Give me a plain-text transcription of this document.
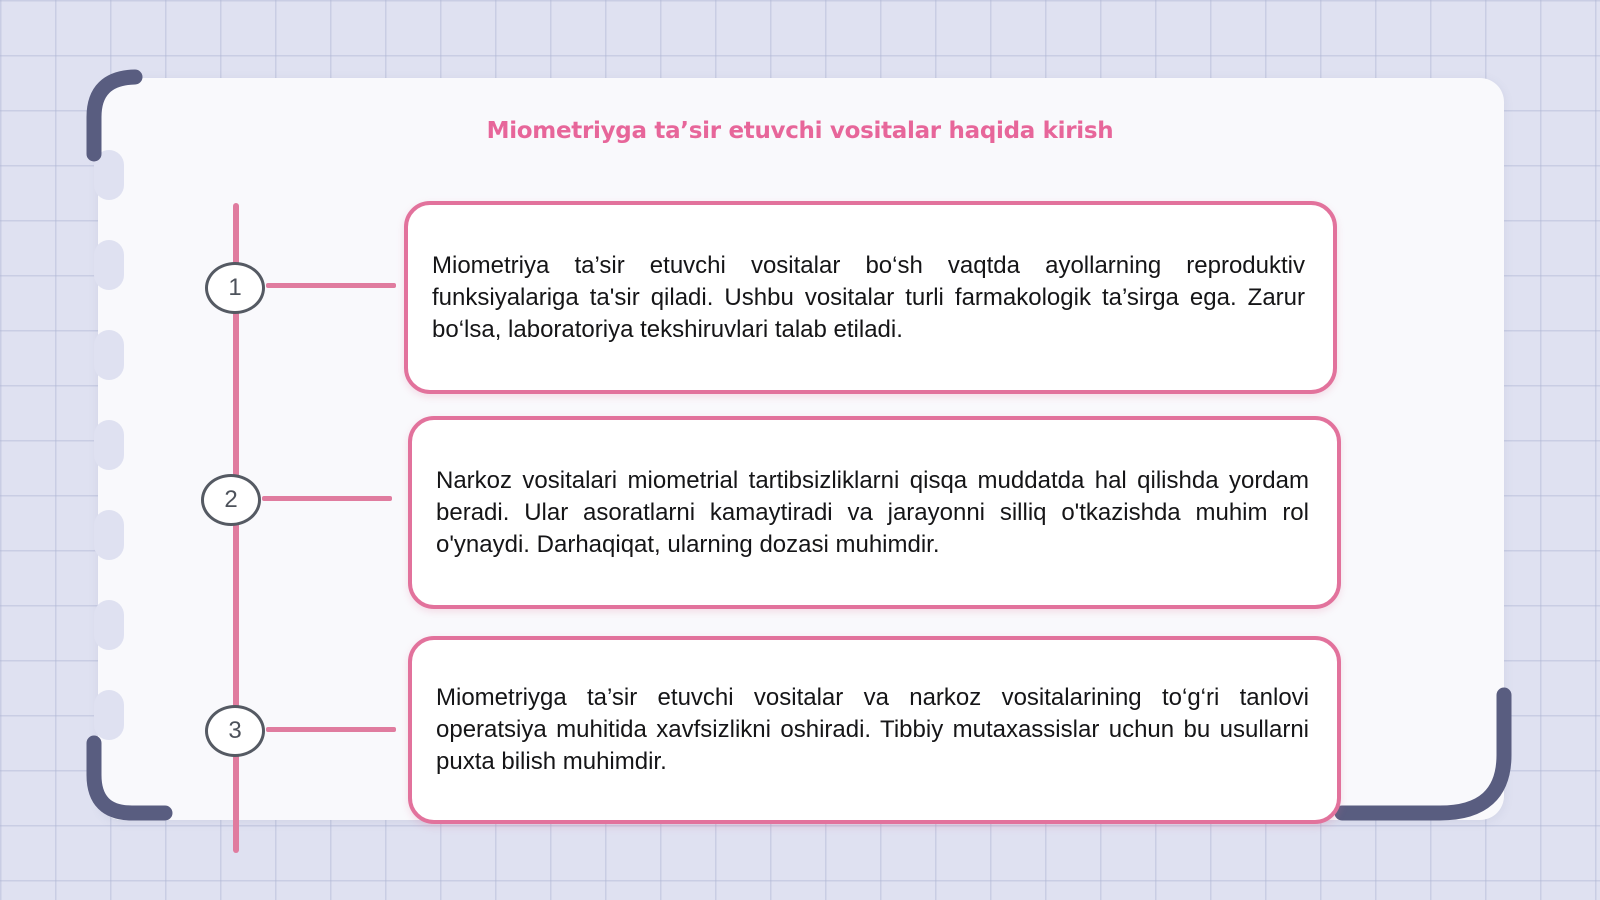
Miometriyga ta’sir etuvchi vositalar haqida kirish
1
2
3

Miometriya ta’sir etuvchi vositalar bo‘sh vaqtda ayollarning reproduktiv funksiyalariga ta'sir qiladi. Ushbu vositalar turli farmakologik ta’sirga ega. Zarur bo‘lsa, laboratoriya tekshiruvlari talab etiladi.

Narkoz vositalari miometrial tartibsizliklarni qisqa muddatda hal qilishda yordam beradi. Ular asoratlarni kamaytiradi va jarayonni silliq o'tkazishda muhim rol o'ynaydi. Darhaqiqat, ularning dozasi muhimdir.

Miometriyga ta’sir etuvchi vositalar va narkoz vositalarining to‘g‘ri tanlovi operatsiya muhitida xavfsizlikni oshiradi. Tibbiy mutaxassislar uchun bu usullarni puxta bilish muhimdir.
